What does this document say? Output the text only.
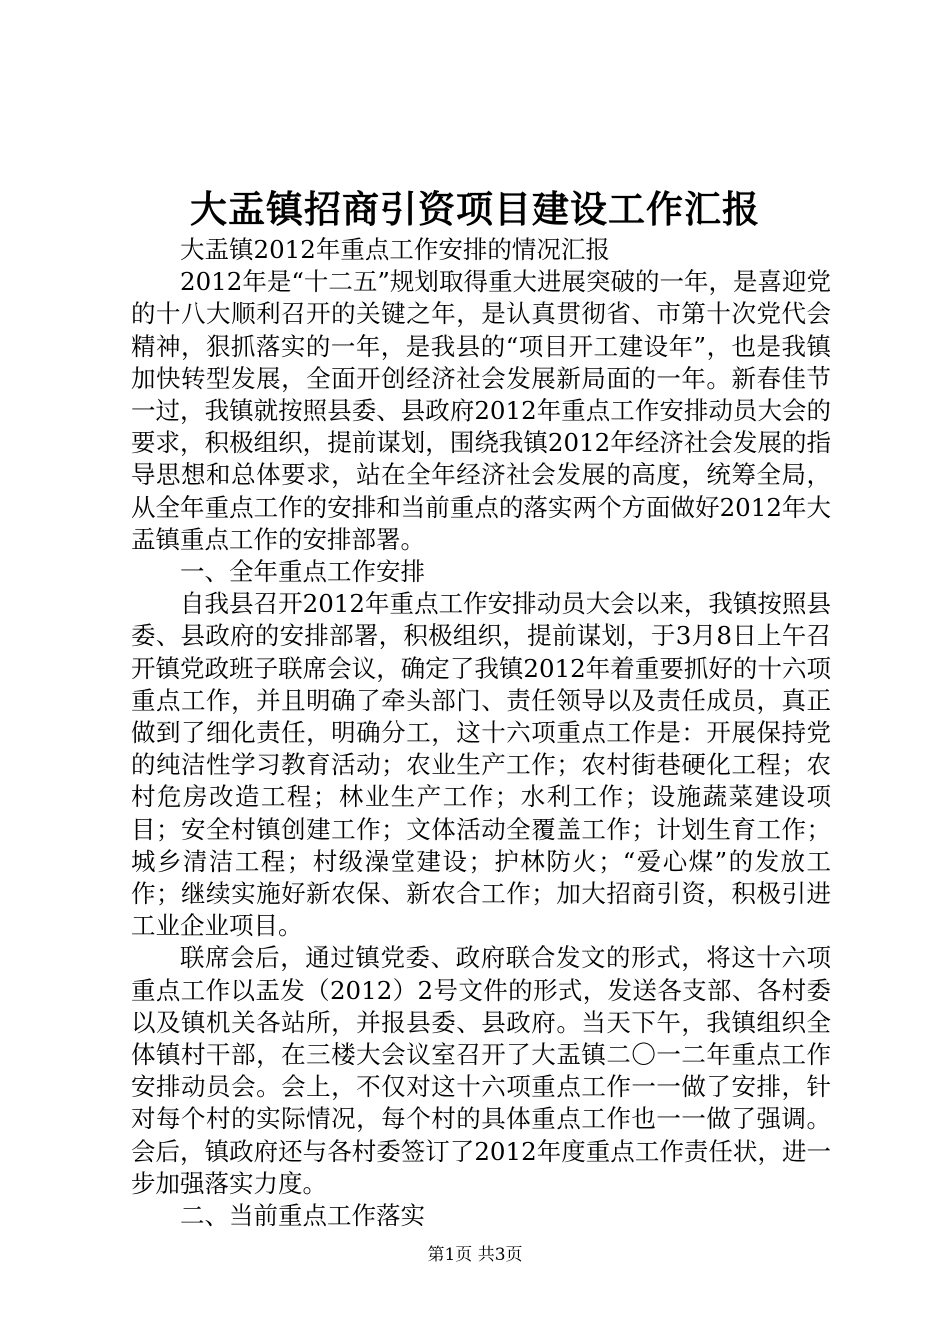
大盂镇招商引资项目建设工作汇报

大盂镇2012年重点工作安排的情况汇报

2012年是“十二五”规划取得重大进展突破的一年，是喜迎党的十八大顺利召开的关键之年，是认真贯彻省、市第十次党代会精神，狠抓落实的一年，是我县的“项目开工建设年”，也是我镇加快转型发展，全面开创经济社会发展新局面的一年。新春佳节一过，我镇就按照县委、县政府2012年重点工作安排动员大会的要求，积极组织，提前谋划，围绕我镇2012年经济社会发展的指导思想和总体要求，站在全年经济社会发展的高度，统筹全局，从全年重点工作的安排和当前重点的落实两个方面做好2012年大盂镇重点工作的安排部署。

一、全年重点工作安排

自我县召开2012年重点工作安排动员大会以来，我镇按照县委、县政府的安排部署，积极组织，提前谋划，于3月8日上午召开镇党政班子联席会议，确定了我镇2012年着重要抓好的十六项重点工作，并且明确了牵头部门、责任领导以及责任成员，真正做到了细化责任，明确分工，这十六项重点工作是：开展保持党的纯洁性学习教育活动；农业生产工作；农村街巷硬化工程；农村危房改造工程；林业生产工作；水利工作；设施蔬菜建设项目；安全村镇创建工作；文体活动全覆盖工作；计划生育工作；城乡清洁工程；村级澡堂建设；护林防火；“爱心煤”的发放工作；继续实施好新农保、新农合工作；加大招商引资，积极引进工业企业项目。

联席会后，通过镇党委、政府联合发文的形式，将这十六项重点工作以盂发（2012）2号文件的形式，发送各支部、各村委以及镇机关各站所，并报县委、县政府。当天下午，我镇组织全体镇村干部，在三楼大会议室召开了大盂镇二〇一二年重点工作安排动员会。会上，不仅对这十六项重点工作一一做了安排，针对每个村的实际情况，每个村的具体重点工作也一一做了强调。会后，镇政府还与各村委签订了2012年度重点工作责任状，进一步加强落实力度。

二、当前重点工作落实

第1页 共3页
